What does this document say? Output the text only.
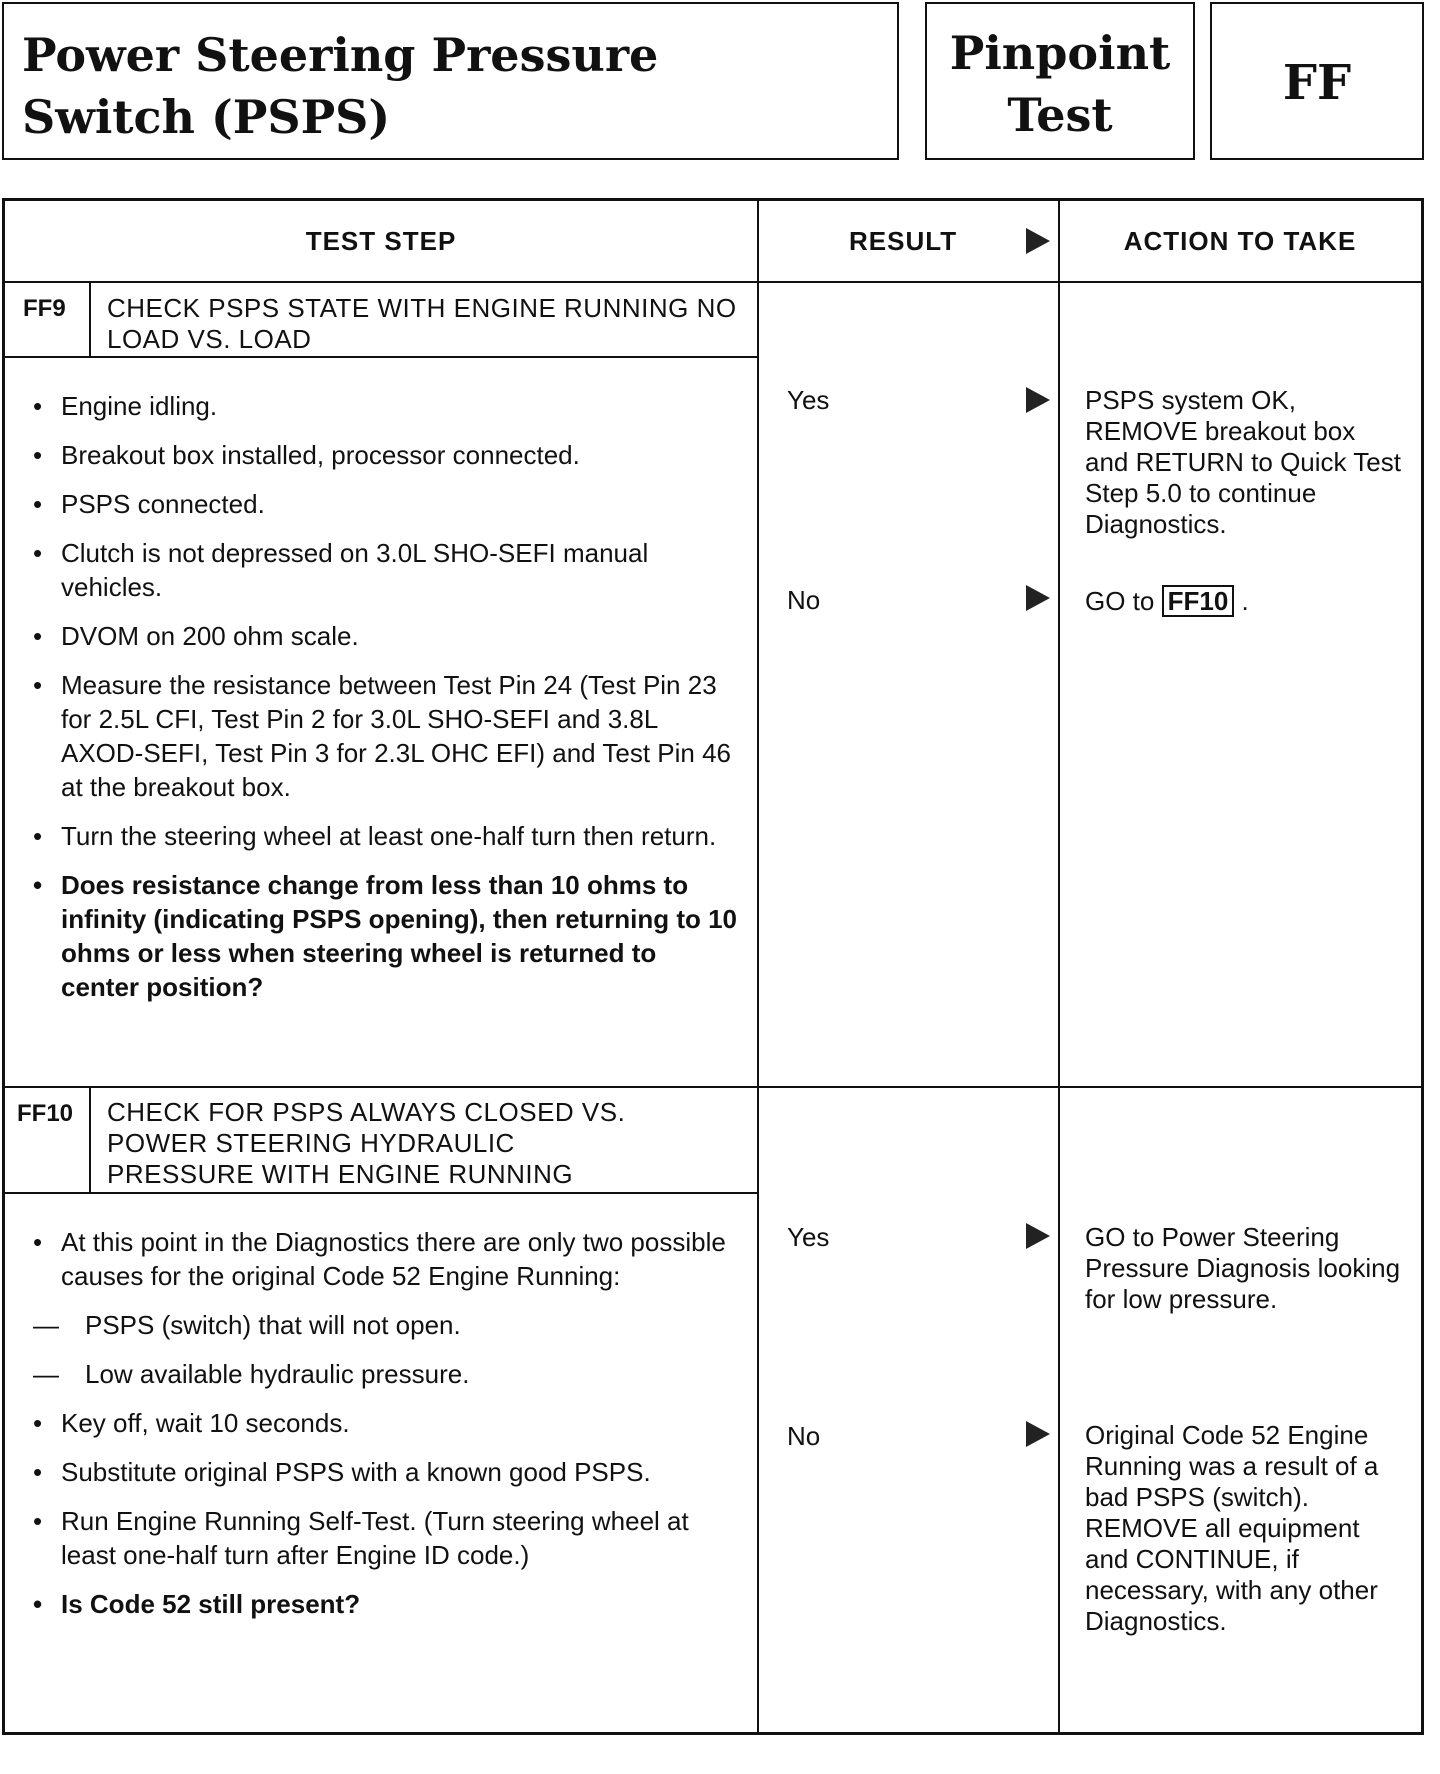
Power Steering Pressure
Switch (PSPS)
Pinpoint
Test
FF
TEST STEP	RESULT	ACTION TO TAKE
FF9 CHECK PSPS STATE WITH ENGINE RUNNING NO LOAD VS. LOAD
• Engine idling.
• Breakout box installed, processor connected.
• PSPS connected.
• Clutch is not depressed on 3.0L SHO-SEFI manual vehicles.
• DVOM on 200 ohm scale.
• Measure the resistance between Test Pin 24 (Test Pin 23 for 2.5L CFI, Test Pin 2 for 3.0L SHO-SEFI and 3.8L AXOD-SEFI, Test Pin 3 for 2.3L OHC EFI) and Test Pin 46 at the breakout box.
• Turn the steering wheel at least one-half turn then return.
• Does resistance change from less than 10 ohms to infinity (indicating PSPS opening), then returning to 10 ohms or less when steering wheel is returned to center position?
Yes	PSPS system OK, REMOVE breakout box and RETURN to Quick Test Step 5.0 to continue Diagnostics.
No	GO to FF10 .
FF10 CHECK FOR PSPS ALWAYS CLOSED VS. POWER STEERING HYDRAULIC PRESSURE WITH ENGINE RUNNING
• At this point in the Diagnostics there are only two possible causes for the original Code 52 Engine Running:
— PSPS (switch) that will not open.
— Low available hydraulic pressure.
• Key off, wait 10 seconds.
• Substitute original PSPS with a known good PSPS.
• Run Engine Running Self-Test. (Turn steering wheel at least one-half turn after Engine ID code.)
• Is Code 52 still present?
Yes	GO to Power Steering Pressure Diagnosis looking for low pressure.
No	Original Code 52 Engine Running was a result of a bad PSPS (switch). REMOVE all equipment and CONTINUE, if necessary, with any other Diagnostics.
